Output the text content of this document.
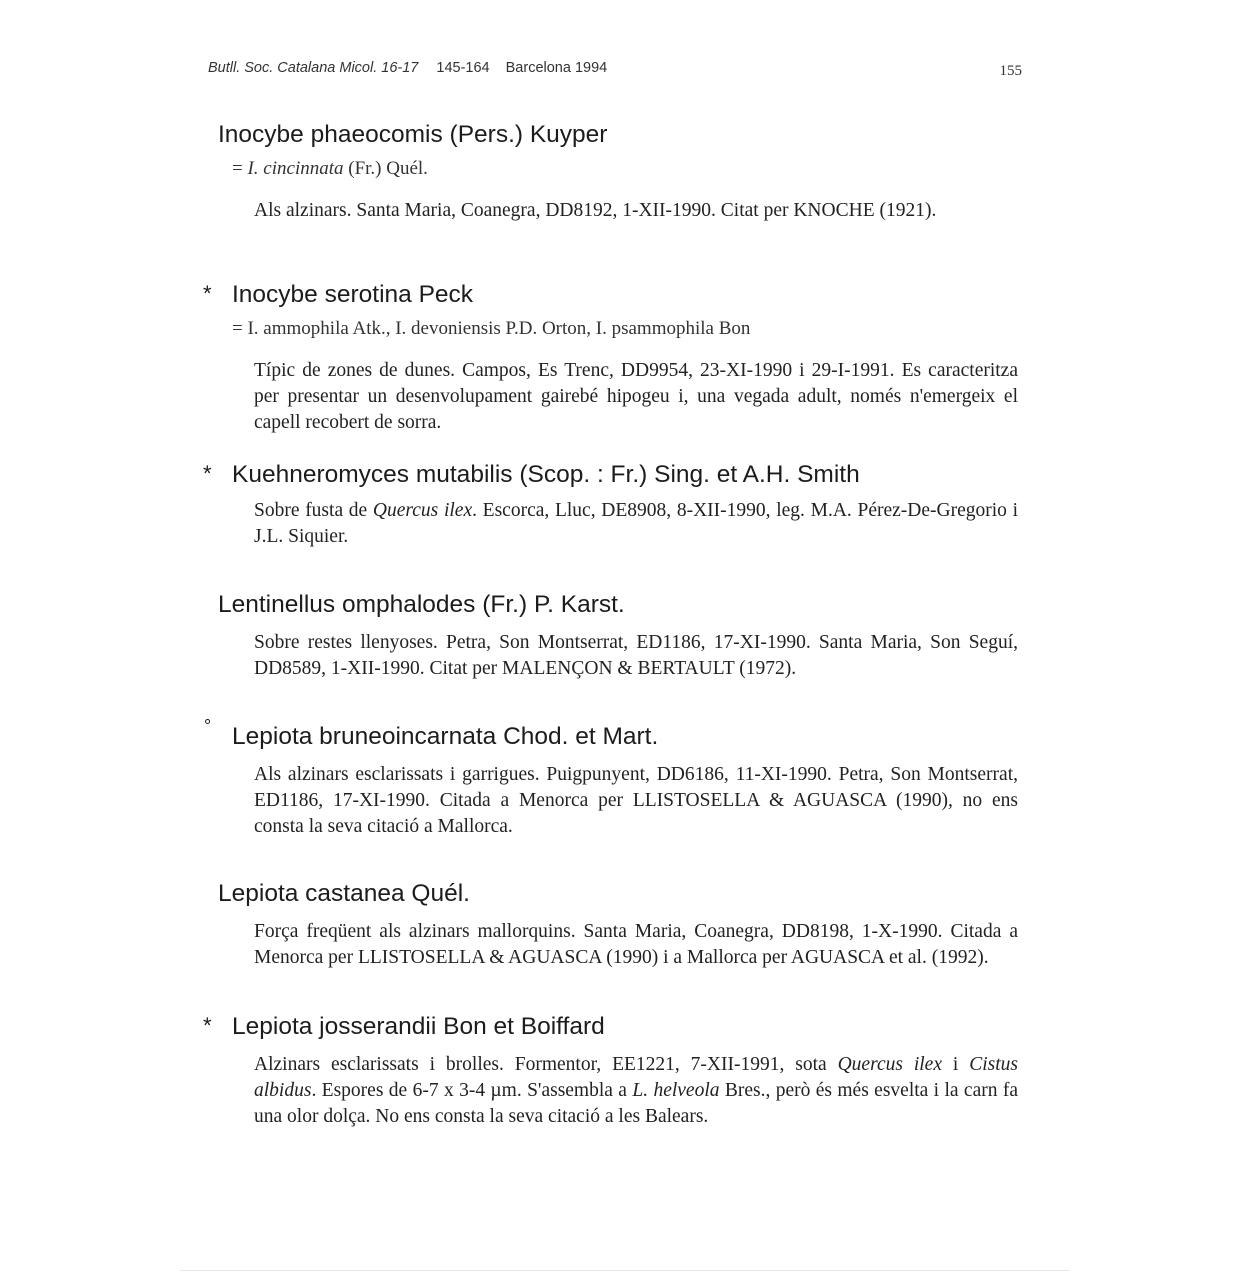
Butll. Soc. Catalana Micol. 16-17 145-164 Barcelona 1994	155
Inocybe phaeocomis (Pers.) Kuyper
= I. cincinnata (Fr.) Quél.
Als alzinars. Santa Maria, Coanegra, DD8192, 1-XII-1990. Citat per KNOCHE (1921).
* Inocybe serotina Peck
= I. ammophila Atk., I. devoniensis P.D. Orton, I. psammophila Bon
Típic de zones de dunes. Campos, Es Trenc, DD9954, 23-XI-1990 i 29-I-1991. Es caracteritza per presentar un desenvolupament gairebé hipogeu i, una vegada adult, només n'emergeix el capell recobert de sorra.
* Kuehneromyces mutabilis (Scop. : Fr.) Sing. et A.H. Smith
Sobre fusta de Quercus ilex. Escorca, Lluc, DE8908, 8-XII-1990, leg. M.A. Pérez-De-Gregorio i J.L. Siquier.
Lentinellus omphalodes (Fr.) P. Karst.
Sobre restes llenyoses. Petra, Son Montserrat, ED1186, 17-XI-1990. Santa Maria, Son Seguí, DD8589, 1-XII-1990. Citat per MALENÇON & BERTAULT (1972).
° Lepiota bruneoincarnata Chod. et Mart.
Als alzinars esclarissats i garrigues. Puigpunyent, DD6186, 11-XI-1990. Petra, Son Montserrat, ED1186, 17-XI-1990. Citada a Menorca per LLISTOSELLA & AGUASCA (1990), no ens consta la seva citació a Mallorca.
Lepiota castanea Quél.
Força freqüent als alzinars mallorquins. Santa Maria, Coanegra, DD8198, 1-X-1990. Citada a Menorca per LLISTOSELLA & AGUASCA (1990) i a Mallorca per AGUASCA et al. (1992).
* Lepiota josserandii Bon et Boiffard
Alzinars esclarissats i brolles. Formentor, EE1221, 7-XII-1991, sota Quercus ilex i Cistus albidus. Espores de 6-7 x 3-4 µm. S'assembla a L. helveola Bres., però és més esvelta i la carn fa una olor dolça. No ens consta la seva citació a les Balears.
